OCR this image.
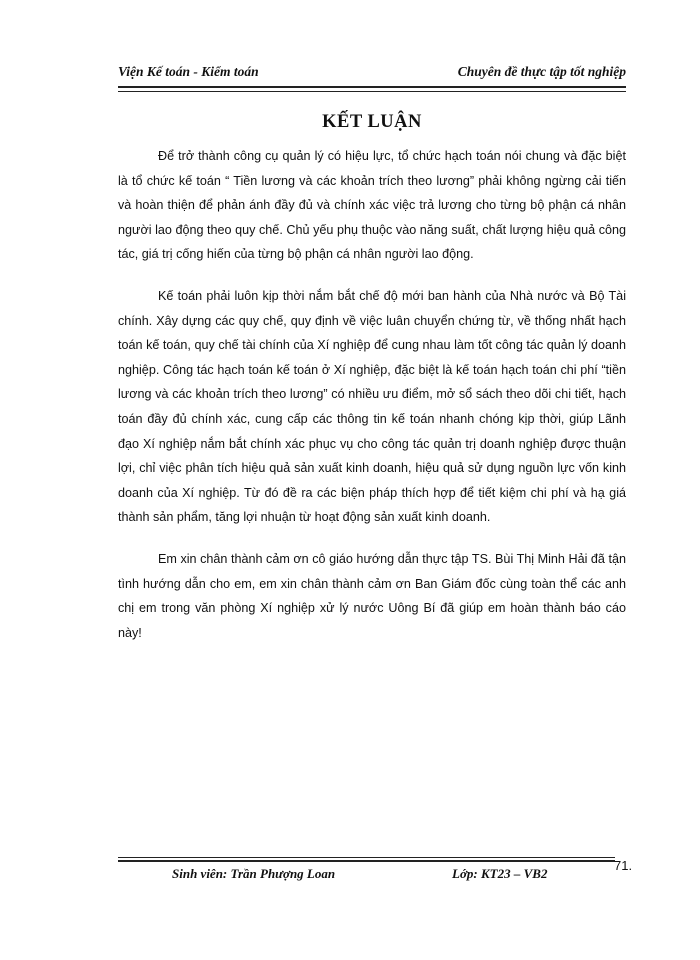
Viện Kế toán - Kiểm toán	Chuyên đề thực tập tốt nghiệp
KẾT LUẬN

Để trở thành công cụ quản lý có hiệu lực, tổ chức hạch toán nói chung và đặc biệt là tổ chức kế toán “ Tiền lương và các khoản trích theo lương” phải không ngừng cải tiến và hoàn thiện để phản ánh đầy đủ và chính xác việc trả lương cho từng bộ phận cá nhân người lao động theo quy chế. Chủ yếu phụ thuộc vào năng suất, chất lượng hiệu quả công tác, giá trị cống hiến của từng bộ phận cá nhân người lao động.

Kế toán phải luôn kịp thời nắm bắt chế độ mới ban hành của Nhà nước và Bộ Tài chính. Xây dựng các quy chế, quy định về việc luân chuyển chứng từ, về thống nhất hạch toán kế toán, quy chế tài chính của Xí nghiệp để cung nhau làm tốt công tác quản lý doanh nghiệp. Công tác hạch toán kế toán ở Xí nghiệp, đặc biệt là kế toán hạch toán chi phí “tiền lương và các khoản trích theo lương” có nhiều ưu điểm, mở sổ sách theo dõi chi tiết, hạch toán đầy đủ chính xác, cung cấp các thông tin kế toán nhanh chóng kịp thời, giúp Lãnh đạo Xí nghiệp nắm bắt chính xác phục vụ cho công tác quản trị doanh nghiệp được thuận lợi, chỉ việc phân tích hiệu quả sản xuất kinh doanh, hiệu quả sử dụng nguồn lực vốn kinh doanh của Xí nghiệp. Từ đó đề ra các biện pháp thích hợp để tiết kiệm chi phí và hạ giá thành sản phẩm, tăng lợi nhuận từ hoạt động sản xuất kinh doanh.

Em xin chân thành cảm ơn cô giáo hướng dẫn thực tập TS. Bùi Thị Minh Hải đã tận tình hướng dẫn cho em, em xin chân thành cảm ơn Ban Giám đốc cùng toàn thể các anh chị em trong văn phòng Xí nghiệp xử lý nước Uông Bí đã giúp em hoàn thành báo cáo này!

Sinh viên: Trần Phượng Loan	Lớp: KT23 – VB2
71.
